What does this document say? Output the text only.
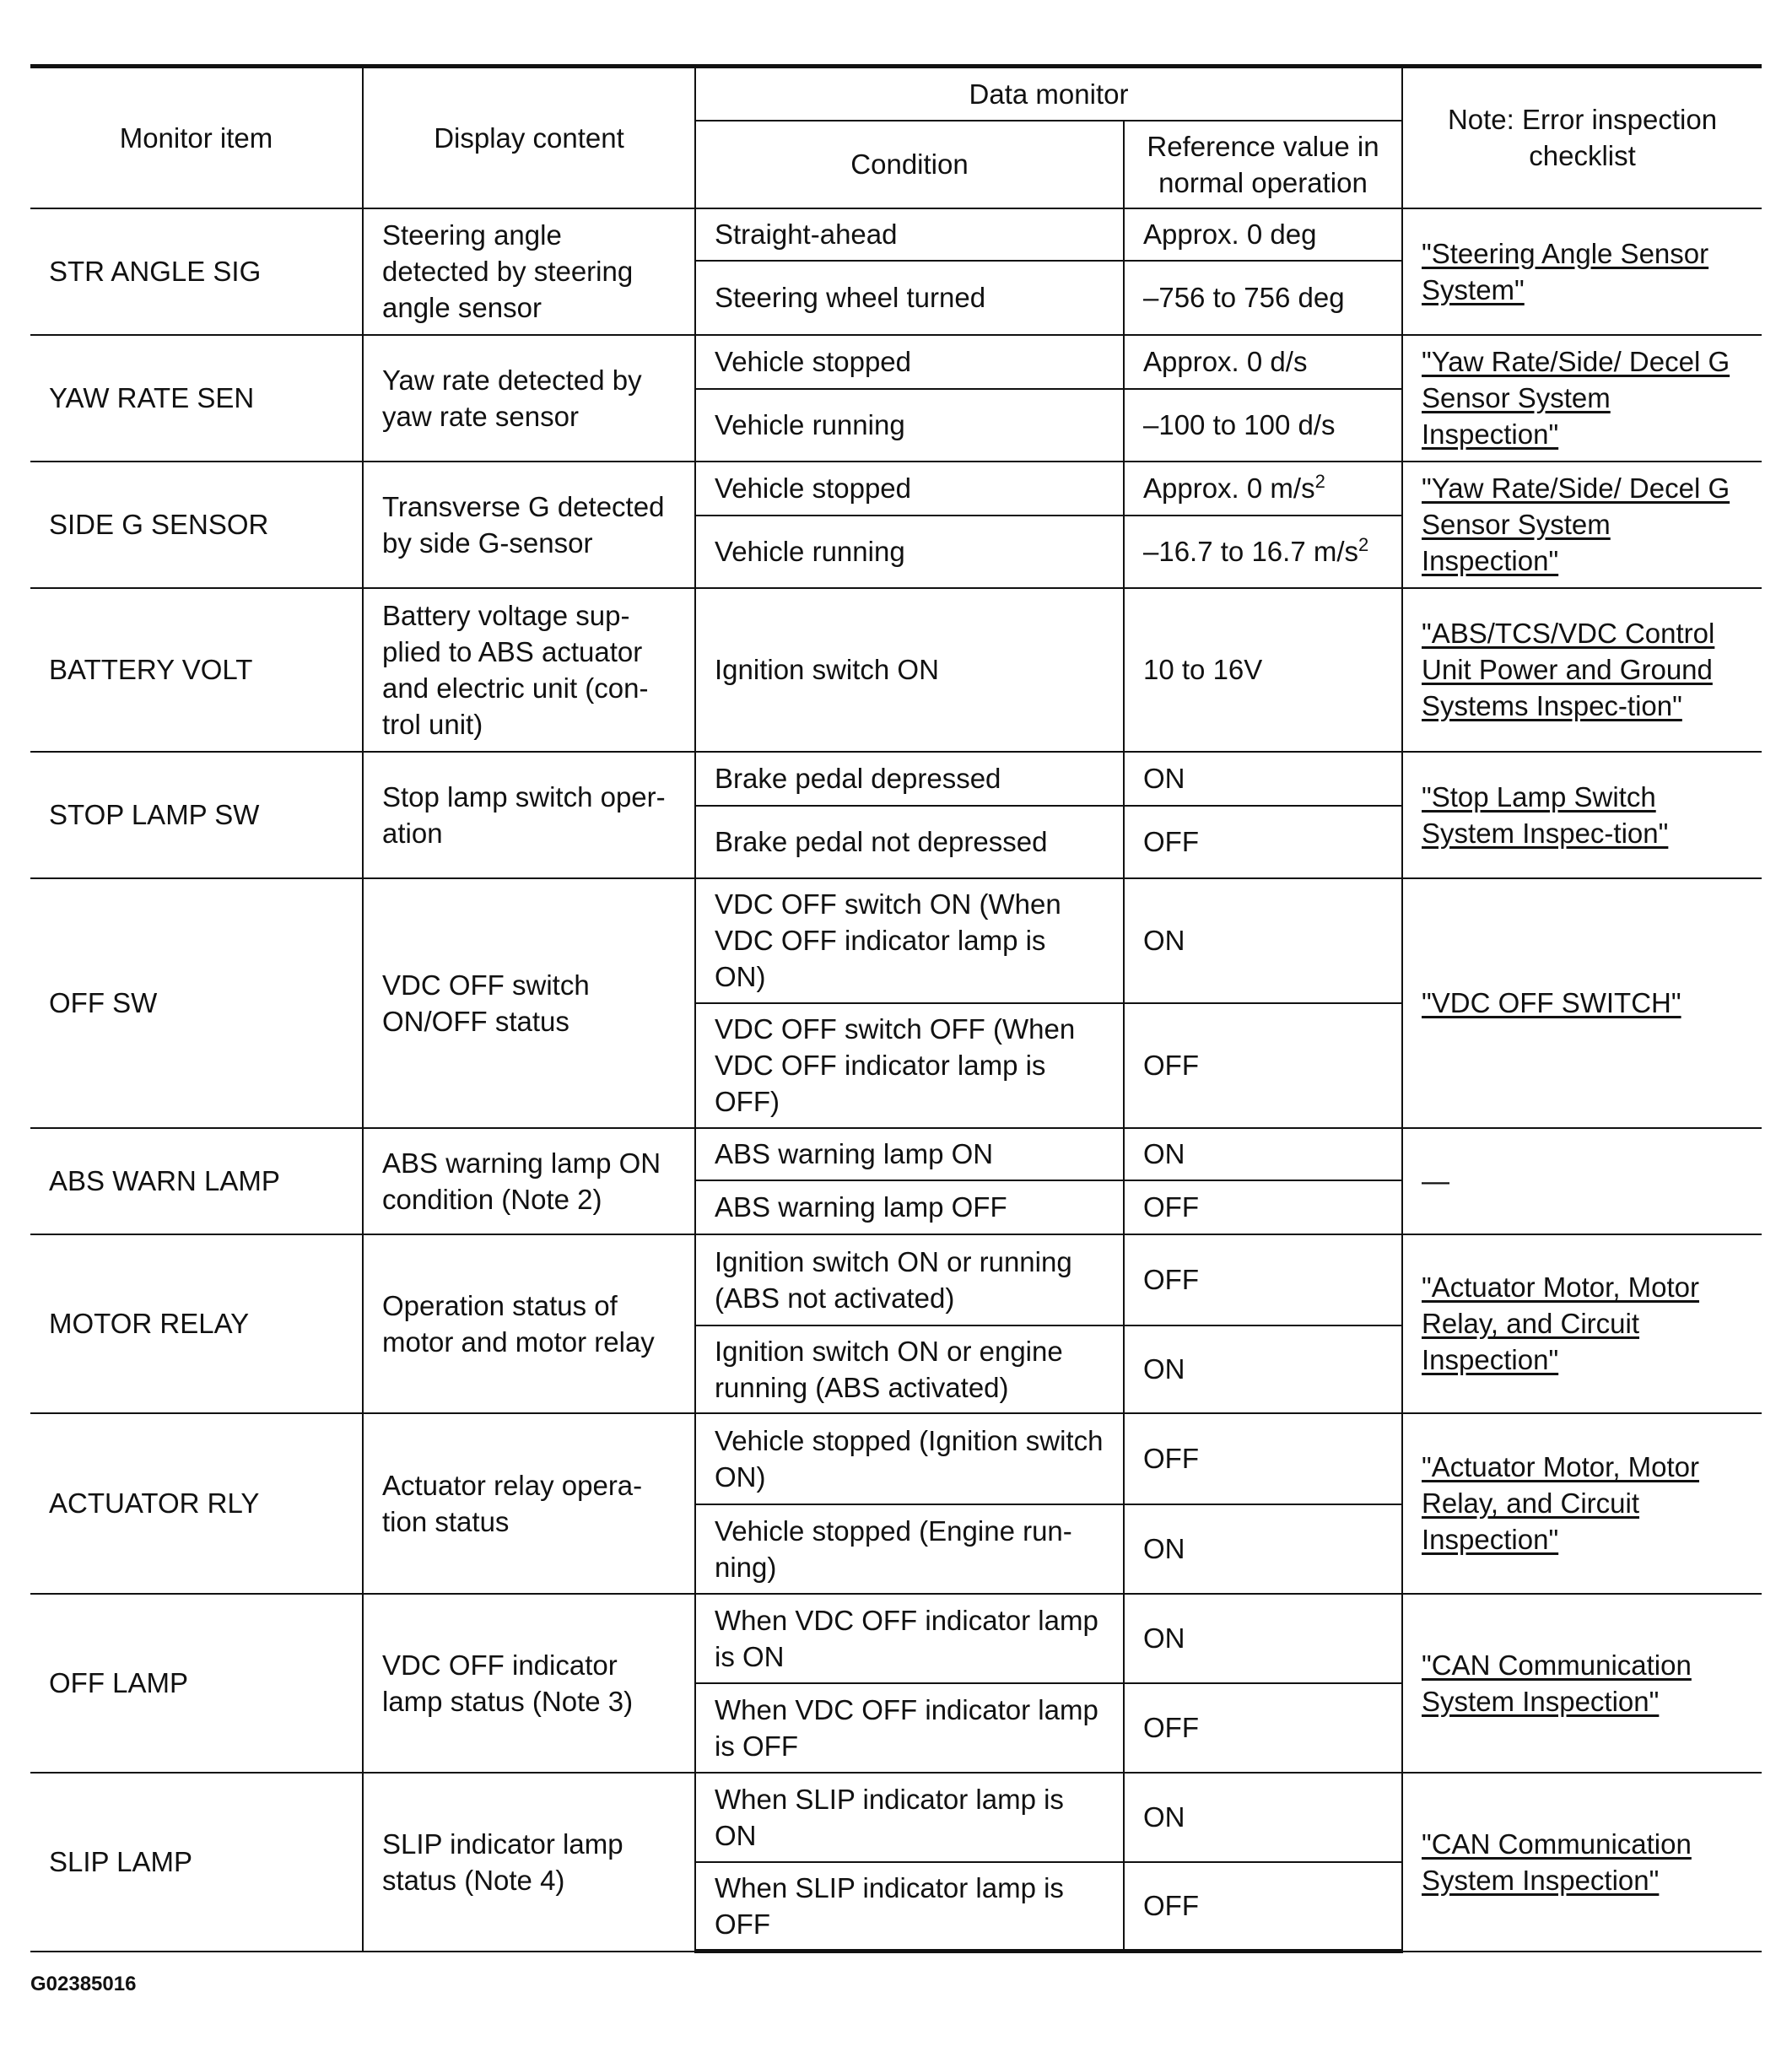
Monitor item	Display content	Data monitor		Note: Error inspection checklist
		Condition	Reference value in normal operation	
STR ANGLE SIG	Steering angle detected by steering angle sensor	Straight-ahead	Approx. 0 deg	"Steering Angle Sensor System"
		Steering wheel turned	–756 to 756 deg	
YAW RATE SEN	Yaw rate detected by yaw rate sensor	Vehicle stopped	Approx. 0 d/s	"Yaw Rate/Side/ Decel G Sensor System Inspection"
		Vehicle running	–100 to 100 d/s	
SIDE G SENSOR	Transverse G detected by side G-sensor	Vehicle stopped	Approx. 0 $m/s^2$	"Yaw Rate/Side/ Decel G Sensor System Inspection"
		Vehicle running	–16.7 to 16.7 $m/s^2$
BATTERY VOLT	Battery voltage sup-plied to ABS actuator and electric unit (con-trol unit)	Ignition switch ON	10 to 16V	"ABS/TCS/VDC Control Unit Power and Ground Systems Inspec-tion"
STOP LAMP SW	Stop lamp switch oper-ation	Brake pedal depressed	ON	"Stop Lamp Switch System Inspec-tion"
		Brake pedal not depressed	OFF	
OFF SW	VDC OFF switch ON/OFF status	VDC OFF switch ON (When VDC OFF indicator lamp is ON)	ON	"VDC OFF SWITCH"
		VDC OFF switch OFF (When VDC OFF indicator lamp is OFF)	OFF	
ABS WARN LAMP	ABS warning lamp ON condition (Note 2)	ABS warning lamp ON	ON	—
		ABS warning lamp OFF	OFF	
MOTOR RELAY	Operation status of motor and motor relay	Ignition switch ON or running (ABS not activated)	OFF	"Actuator Motor, Motor Relay, and Circuit Inspection"
		Ignition switch ON or engine running (ABS activated)	ON	
ACTUATOR RLY	Actuator relay opera-tion status	Vehicle stopped (Ignition switch ON)	OFF	"Actuator Motor, Motor Relay, and Circuit Inspection"
		Vehicle stopped (Engine run-ning)	ON	
OFF LAMP	VDC OFF indicator lamp status (Note 3)	When VDC OFF indicator lamp is ON	ON	"CAN Communication System Inspection"
		When VDC OFF indicator lamp is OFF	OFF	
SLIP LAMP	SLIP indicator lamp status (Note 4)	When SLIP indicator lamp is ON	ON	"CAN Communication System Inspection"
		When SLIP indicator lamp is OFF	OFF	
G02385016
